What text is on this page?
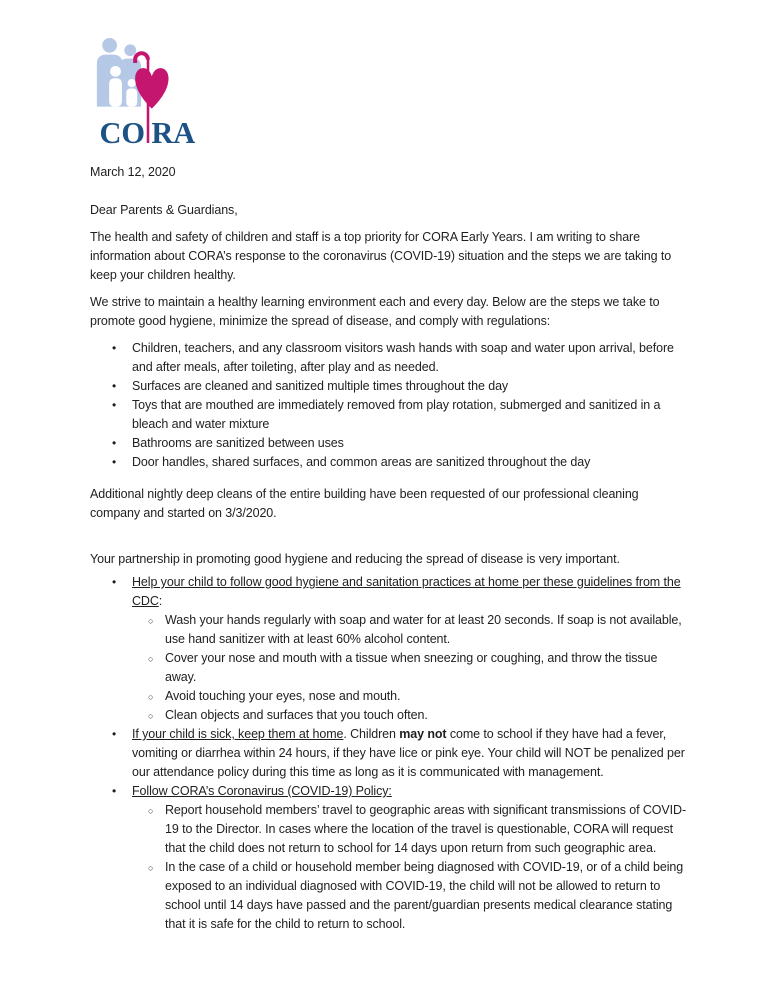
CO RA

March 12, 2020

Dear Parents & Guardians,

The health and safety of children and staff is a top priority for CORA Early Years. I am writing to share information about CORA’s response to the coronavirus (COVID-19) situation and the steps we are taking to keep your children healthy.

We strive to maintain a healthy learning environment each and every day. Below are the steps we take to promote good hygiene, minimize the spread of disease, and comply with regulations:

•	Children, teachers, and any classroom visitors wash hands with soap and water upon arrival, before and after meals, after toileting, after play and as needed.
•	Surfaces are cleaned and sanitized multiple times throughout the day
•	Toys that are mouthed are immediately removed from play rotation, submerged and sanitized in a bleach and water mixture
•	Bathrooms are sanitized between uses
•	Door handles, shared surfaces, and common areas are sanitized throughout the day

Additional nightly deep cleans of the entire building have been requested of our professional cleaning company and started on 3/3/2020.

Your partnership in promoting good hygiene and reducing the spread of disease is very important.

•	Help your child to follow good hygiene and sanitation practices at home per these guidelines from the CDC:
○ Wash your hands regularly with soap and water for at least 20 seconds. If soap is not available, use hand sanitizer with at least 60% alcohol content.
○ Cover your nose and mouth with a tissue when sneezing or coughing, and throw the tissue away.
○ Avoid touching your eyes, nose and mouth.
○ Clean objects and surfaces that you touch often.
•	If your child is sick, keep them at home. Children may not come to school if they have had a fever, vomiting or diarrhea within 24 hours, if they have lice or pink eye. Your child will NOT be penalized per our attendance policy during this time as long as it is communicated with management.
•	Follow CORA’s Coronavirus (COVID-19) Policy:
○ Report household members’ travel to geographic areas with significant transmissions of COVID-19 to the Director. In cases where the location of the travel is questionable, CORA will request that the child does not return to school for 14 days upon return from such geographic area.
○ In the case of a child or household member being diagnosed with COVID-19, or of a child being exposed to an individual diagnosed with COVID-19, the child will not be allowed to return to school until 14 days have passed and the parent/guardian presents medical clearance stating that it is safe for the child to return to school.
